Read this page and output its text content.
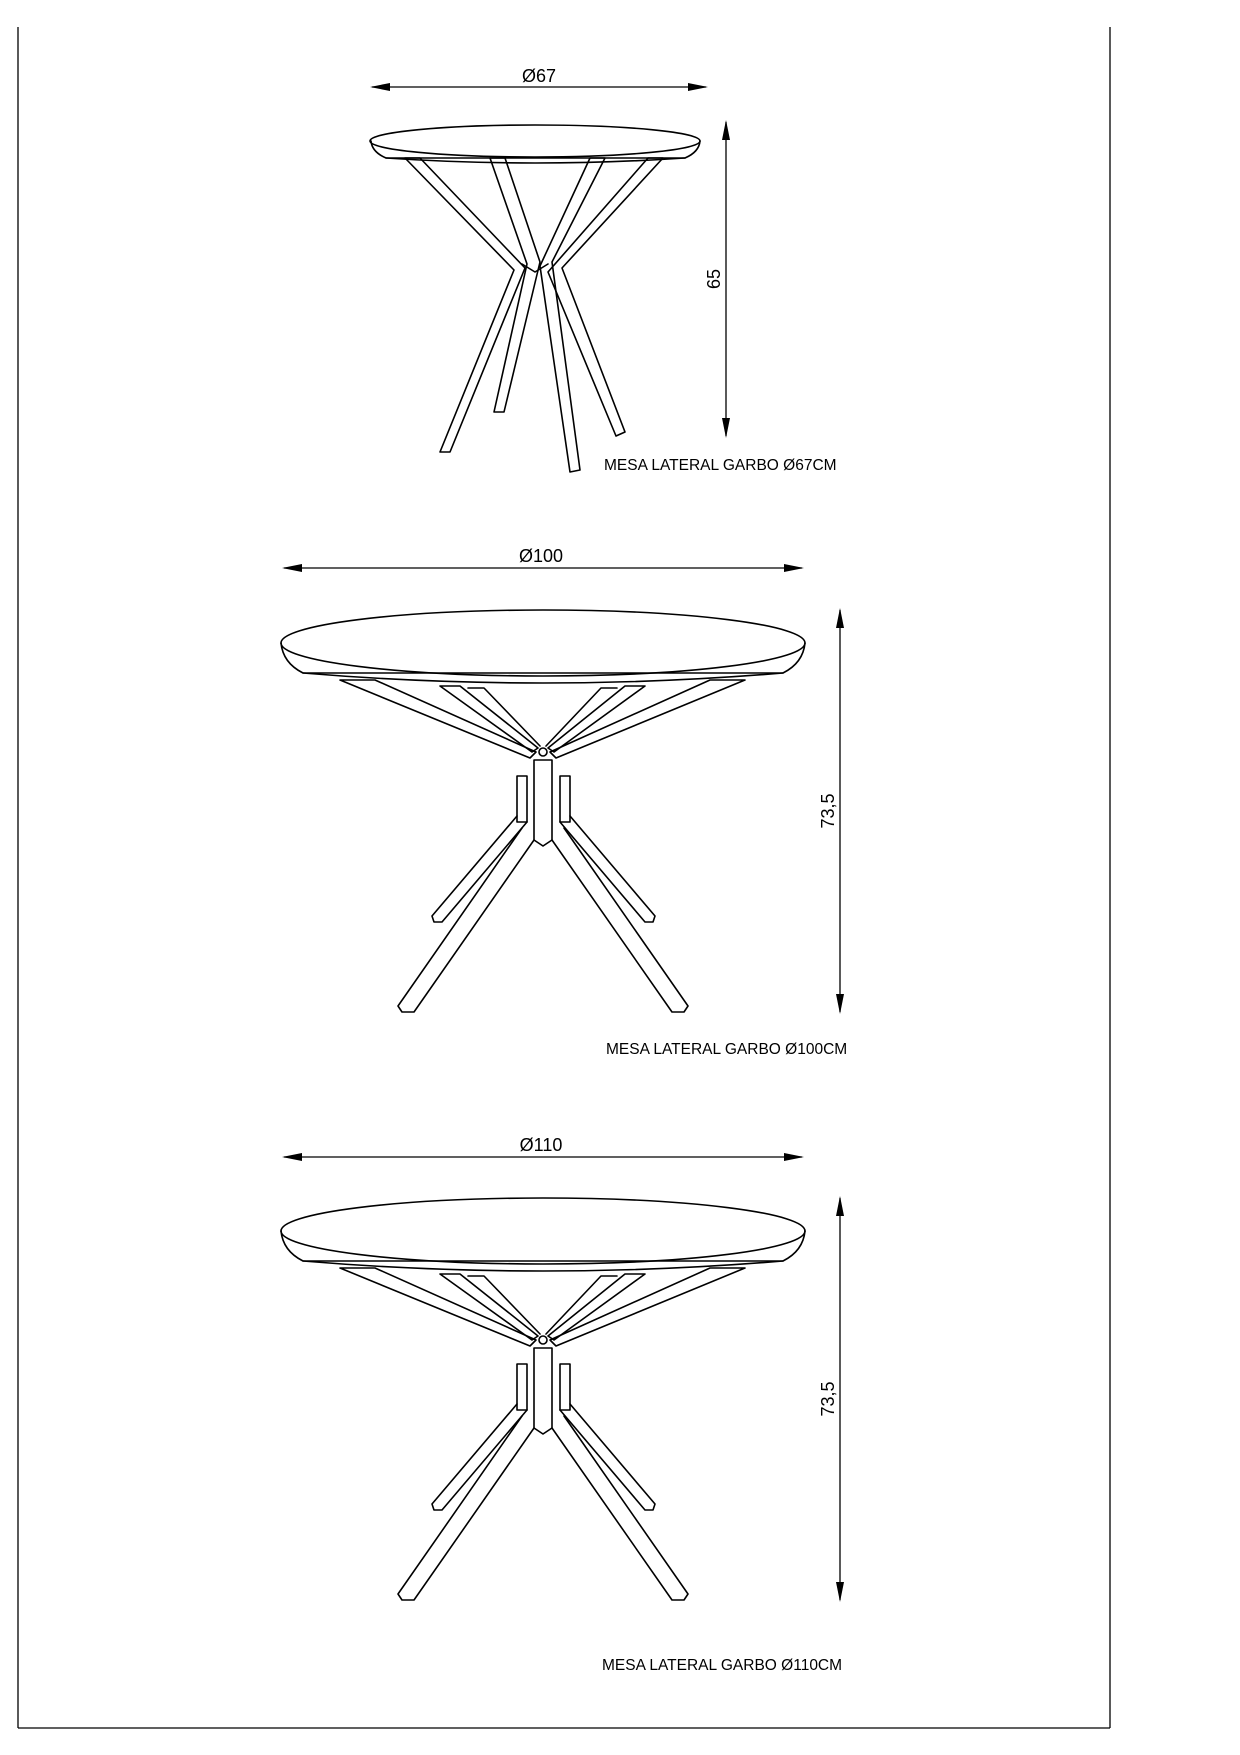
Ø67
65
MESA LATERAL GARBO Ø67CM
Ø100
73,5
MESA LATERAL GARBO Ø100CM
Ø110
73,5
MESA LATERAL GARBO Ø110CM
